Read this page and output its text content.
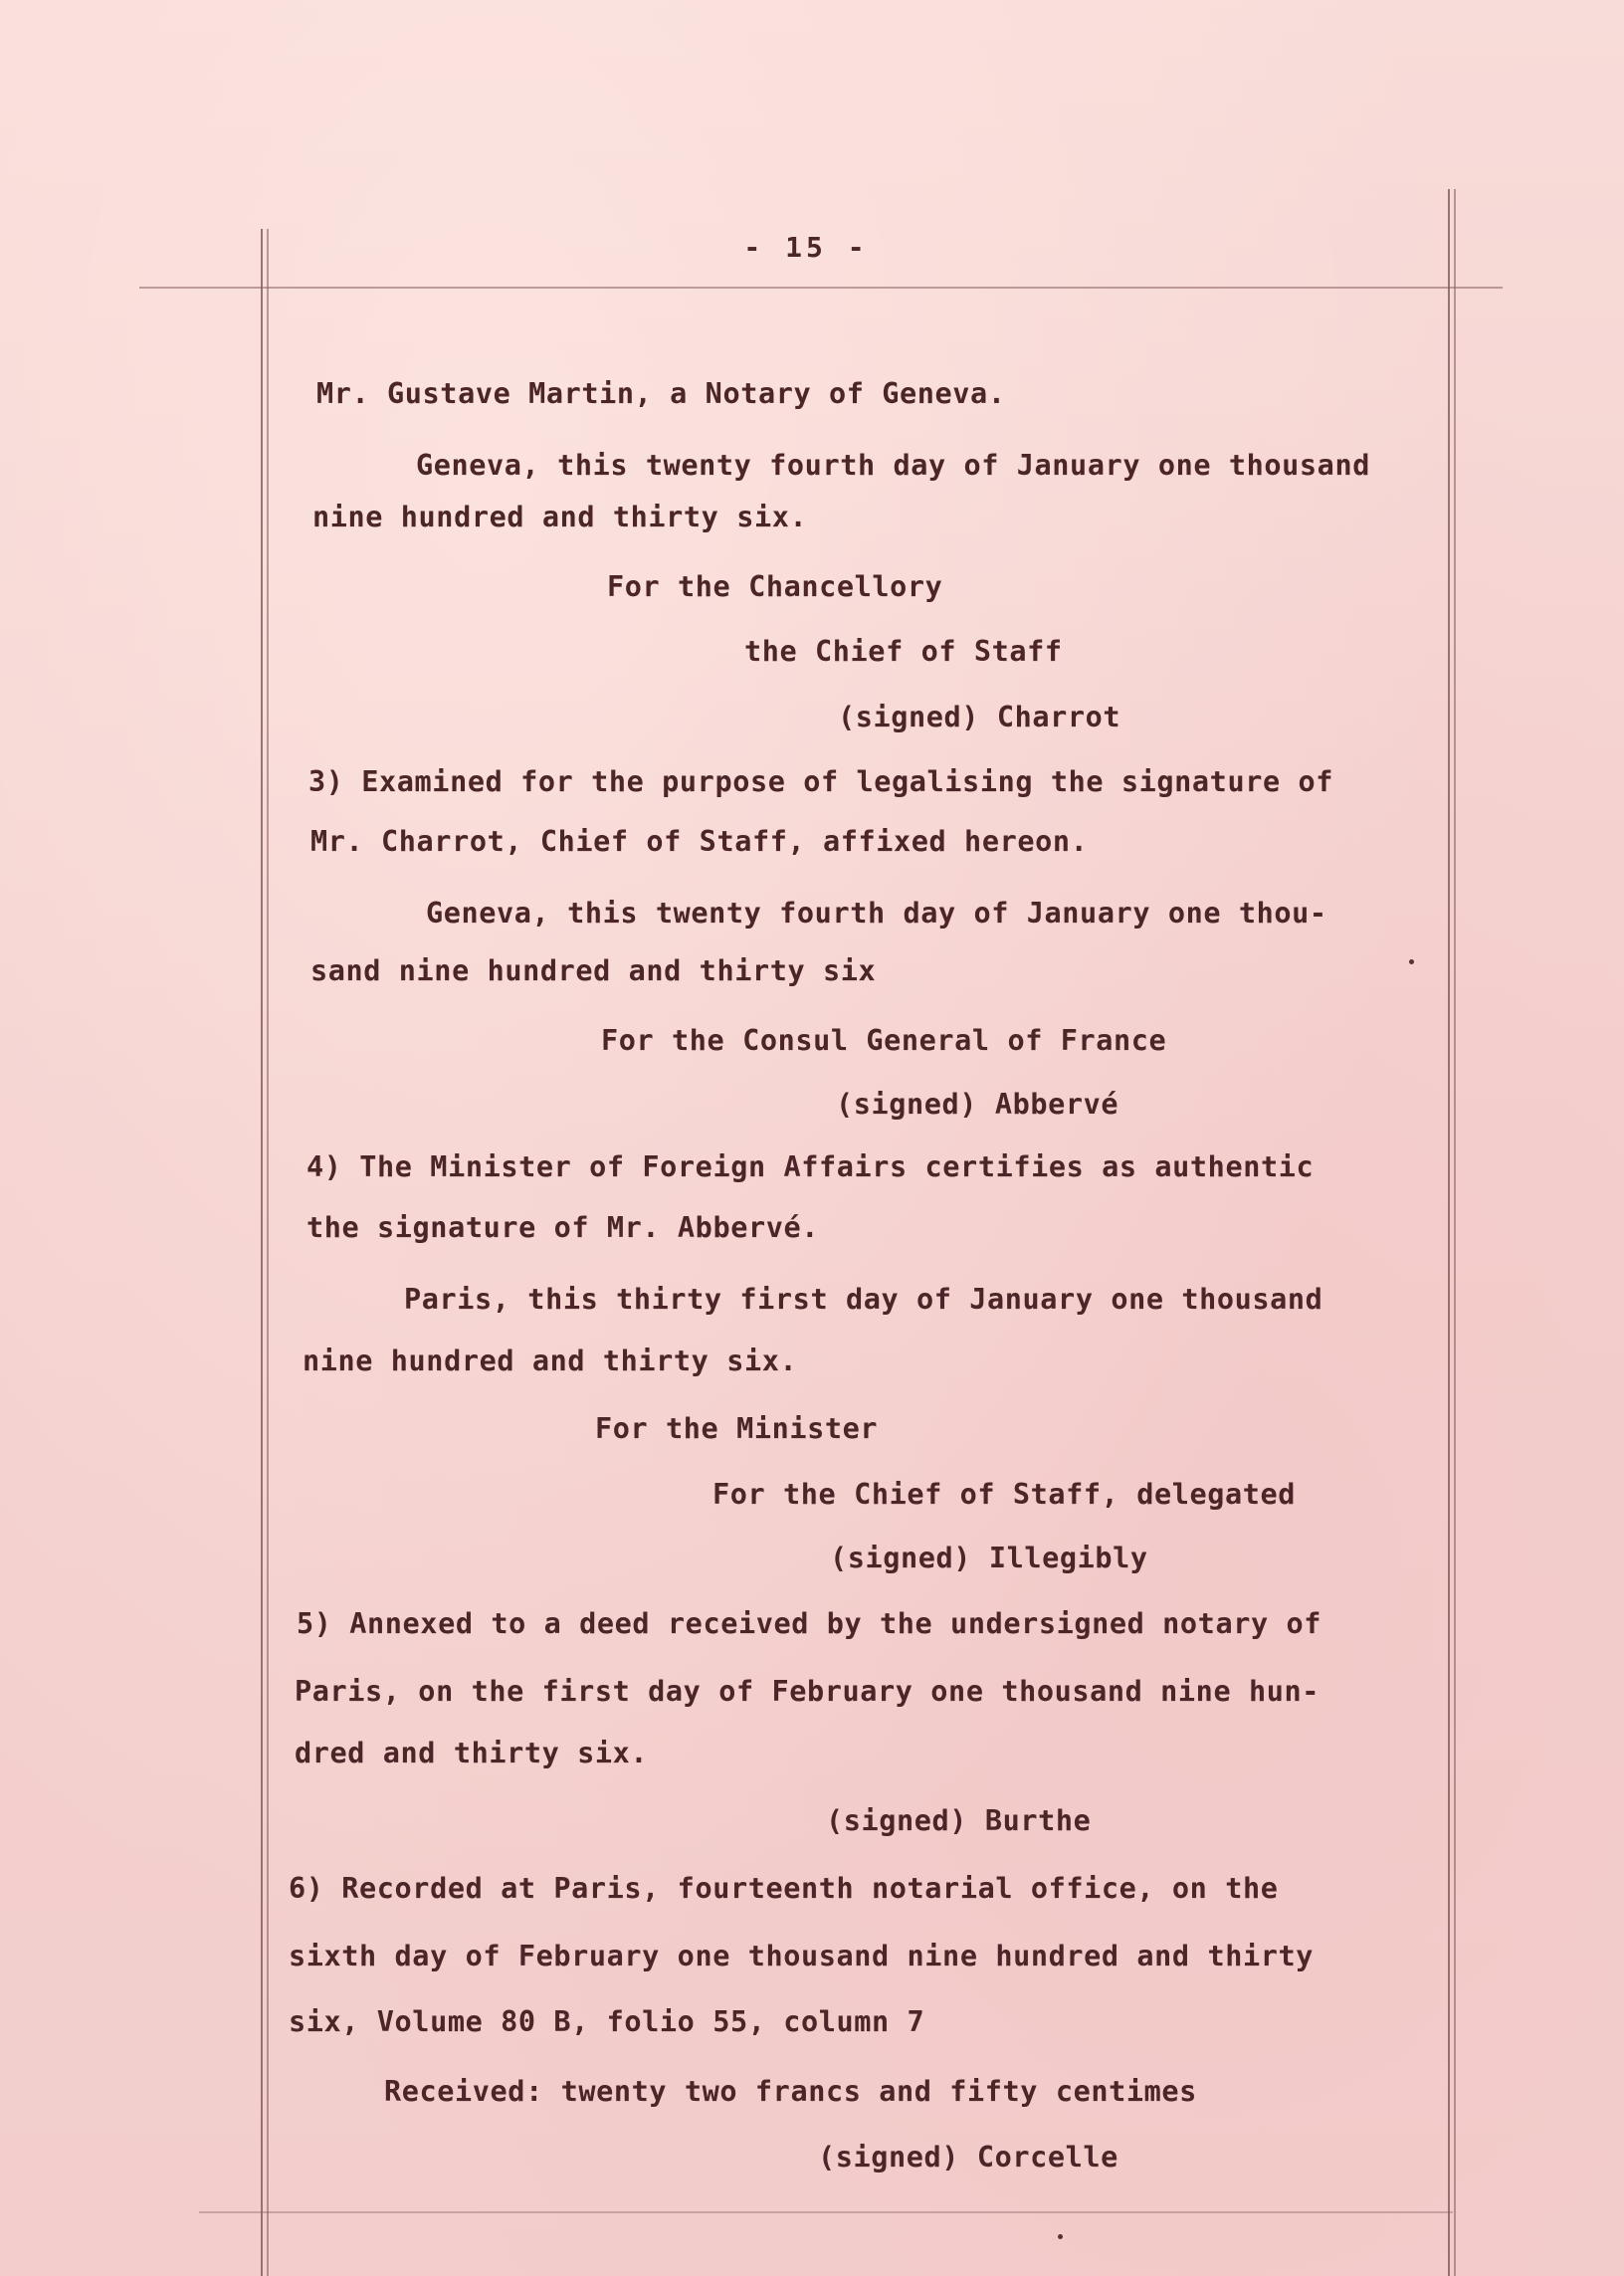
- 15 -
Mr. Gustave Martin, a Notary of Geneva.
Geneva, this twenty fourth day of January one thousand
nine hundred and thirty six.
For the Chancellory
the Chief of Staff
(signed) Charrot
3) Examined for the purpose of legalising the signature of
Mr. Charrot, Chief of Staff, affixed hereon.
Geneva, this twenty fourth day of January one thou-
sand nine hundred and thirty six
For the Consul General of France
(signed) Abbervé
4) The Minister of Foreign Affairs certifies as authentic
the signature of Mr. Abbervé.
Paris, this thirty first day of January one thousand
nine hundred and thirty six.
For the Minister
For the Chief of Staff, delegated
(signed) Illegibly
5) Annexed to a deed received by the undersigned notary of
Paris, on the first day of February one thousand nine hun-
dred and thirty six.
(signed) Burthe
6) Recorded at Paris, fourteenth notarial office, on the
sixth day of February one thousand nine hundred and thirty
six, Volume 80 B, folio 55, column 7
Received: twenty two francs and fifty centimes
(signed) Corcelle
